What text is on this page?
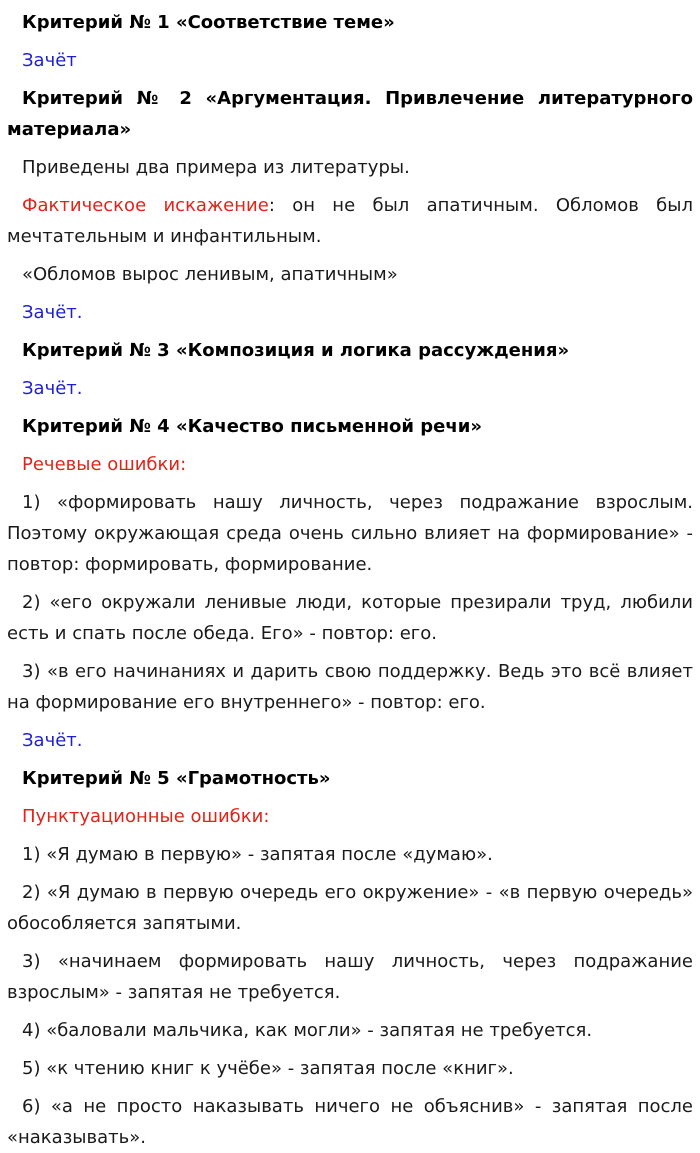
Критерий № 1 «Соответствие теме»

Зачёт

Критерий № 2 «Аргументация. Привлечение литературного материала»

Приведены два примера из литературы.

Фактическое искажение: он не был апатичным. Обломов был мечтательным и инфантильным.

«Обломов вырос ленивым, апатичным»

Зачёт.

Критерий № 3 «Композиция и логика рассуждения»

Зачёт.

Критерий № 4 «Качество письменной речи»

Речевые ошибки:

1) «формировать нашу личность, через подражание взрослым. Поэтому окружающая среда очень сильно влияет на формирование» - повтор: формировать, формирование.

2) «его окружали ленивые люди, которые презирали труд, любили есть и спать после обеда. Его» - повтор: его.

3) «в его начинаниях и дарить свою поддержку. Ведь это всё влияет на формирование его внутреннего» - повтор: его.

Зачёт.

Критерий № 5 «Грамотность»

Пунктуационные ошибки:

1) «Я думаю в первую» - запятая после «думаю».

2) «Я думаю в первую очередь его окружение» - «в первую очередь» обособляется запятыми.

3) «начинаем формировать нашу личность, через подражание взрослым» - запятая не требуется.

4) «баловали мальчика, как могли» - запятая не требуется.

5) «к чтению книг к учёбе» - запятая после «книг».

6) «а не просто наказывать ничего не объяснив» - запятая после «наказывать».
